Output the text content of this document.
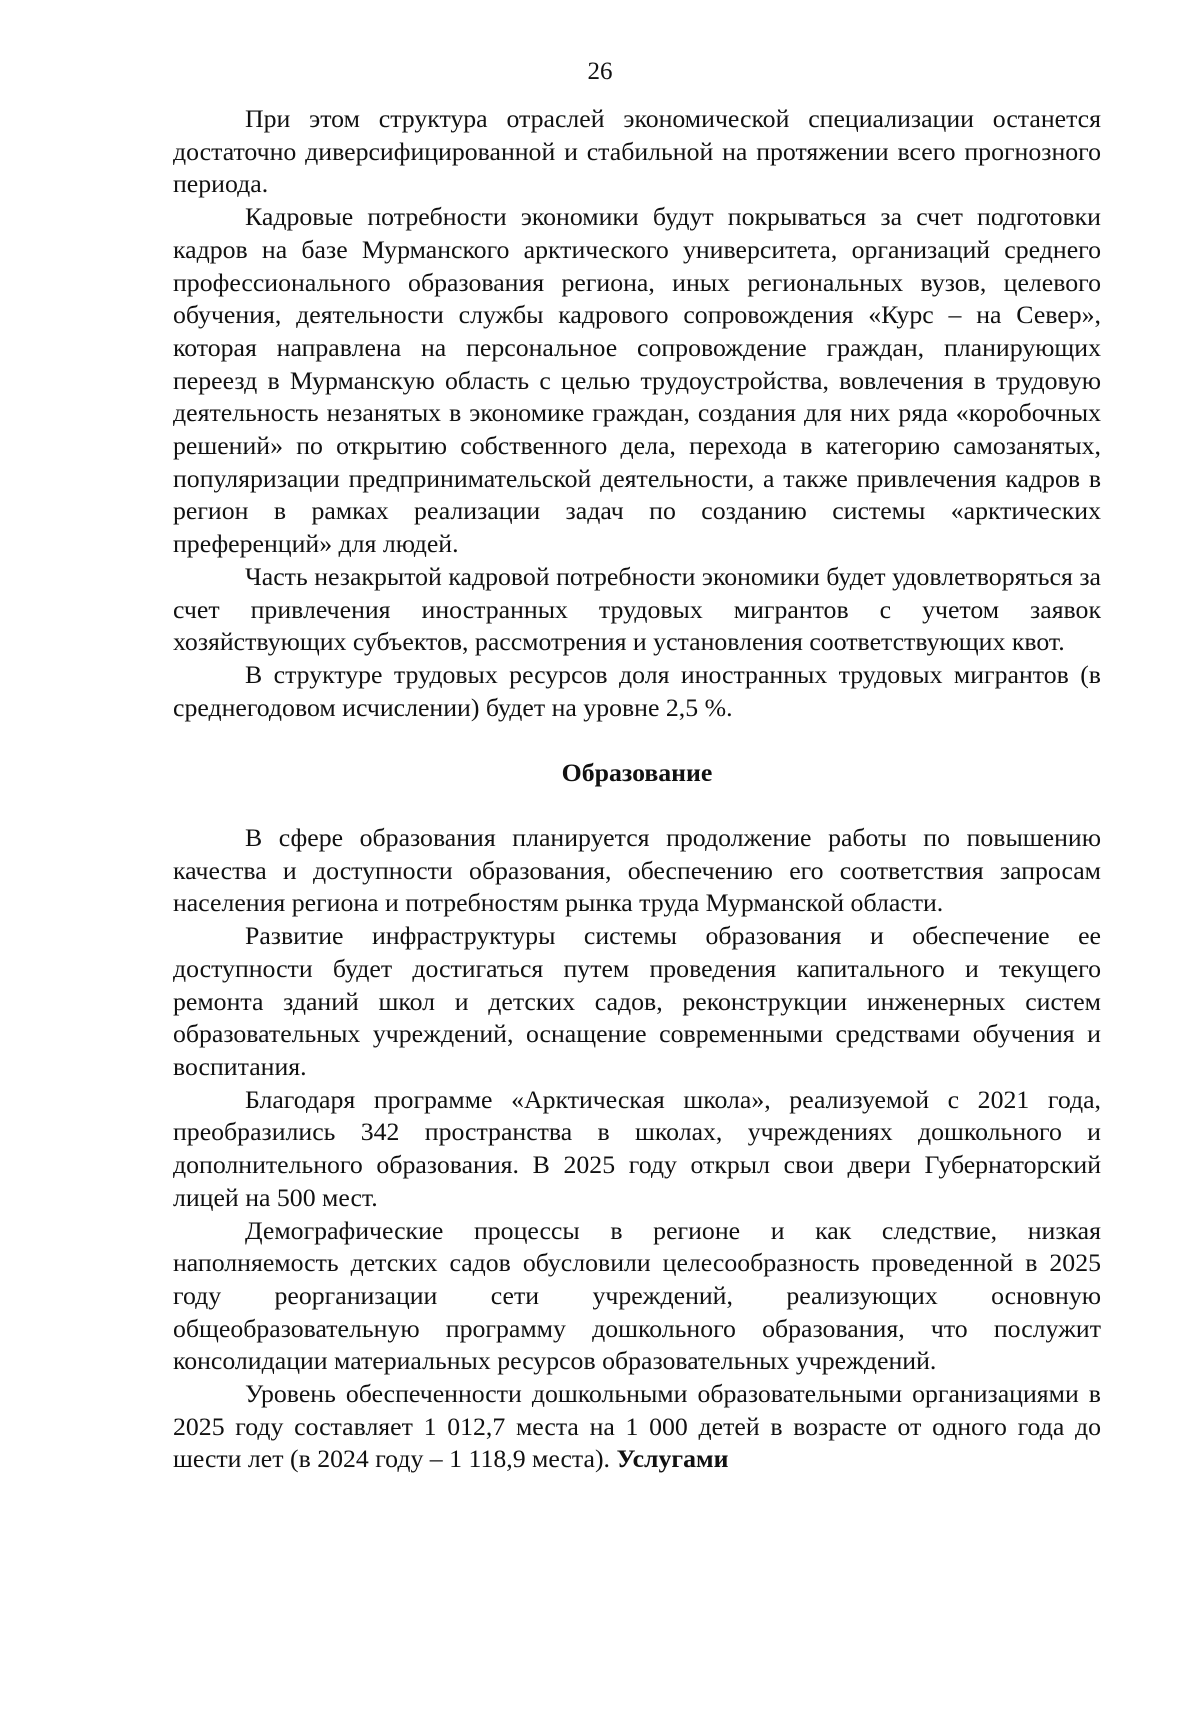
26

При этом структура отраслей экономической специализации останется достаточно диверсифицированной и стабильной на протяжении всего прогнозного периода.

Кадровые потребности экономики будут покрываться за счет подготовки кадров на базе Мурманского арктического университета, организаций среднего профессионального образования региона, иных региональных вузов, целевого обучения, деятельности службы кадрового сопровождения «Курс – на Север», которая направлена на персональное сопровождение граждан, планирующих переезд в Мурманскую область с целью трудоустройства, вовлечения в трудовую деятельность незанятых в экономике граждан, создания для них ряда «коробочных решений» по открытию собственного дела, перехода в категорию самозанятых, популяризации предпринимательской деятельности, а также привлечения кадров в регион в рамках реализации задач по созданию системы «арктических преференций» для людей.

Часть незакрытой кадровой потребности экономики будет удовлетворяться за счет привлечения иностранных трудовых мигрантов с учетом заявок хозяйствующих субъектов, рассмотрения и установления соответствующих квот.

В структуре трудовых ресурсов доля иностранных трудовых мигрантов (в среднегодовом исчислении) будет на уровне 2,5 %.

Образование

В сфере образования планируется продолжение работы по повышению качества и доступности образования, обеспечению его соответствия запросам населения региона и потребностям рынка труда Мурманской области.

Развитие инфраструктуры системы образования и обеспечение ее доступности будет достигаться путем проведения капитального и текущего ремонта зданий школ и детских садов, реконструкции инженерных систем образовательных учреждений, оснащение современными средствами обучения и воспитания.

Благодаря программе «Арктическая школа», реализуемой с 2021 года, преобразились 342 пространства в школах, учреждениях дошкольного и дополнительного образования. В 2025 году открыл свои двери Губернаторский лицей на 500 мест.

Демографические процессы в регионе и как следствие, низкая наполняемость детских садов обусловили целесообразность проведенной в 2025 году реорганизации сети учреждений, реализующих основную общеобразовательную программу дошкольного образования, что послужит консолидации материальных ресурсов образовательных учреждений.

Уровень обеспеченности дошкольными образовательными организациями в 2025 году составляет 1 012,7 места на 1 000 детей в возрасте от одного года до шести лет (в 2024 году – 1 118,9 места). Услугами
